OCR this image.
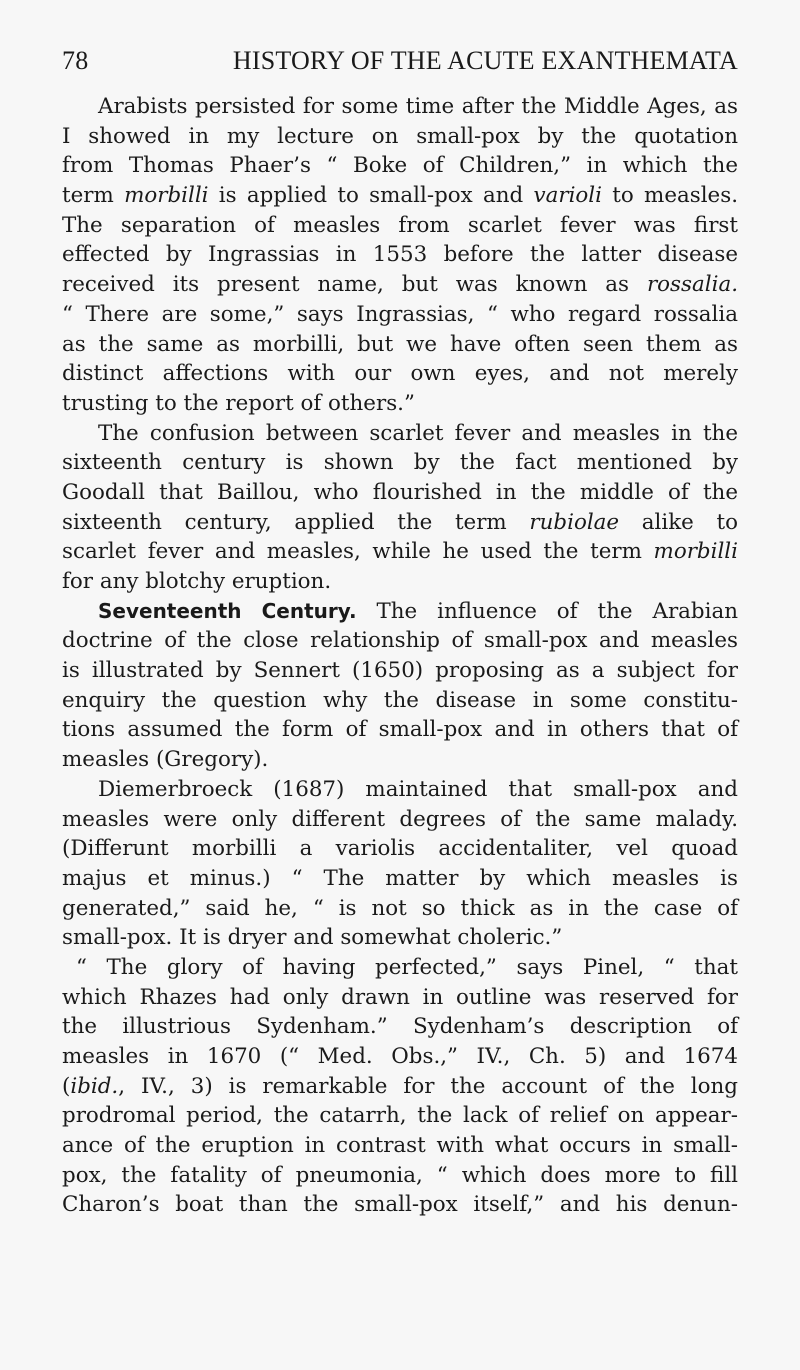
78	HISTORY OF THE ACUTE EXANTHEMATA
Arabists persisted for some time after the Middle Ages, as
I showed in my lecture on small-pox by the quotation
from Thomas Phaer’s “ Boke of Children,” in which the
term morbilli is applied to small-pox and varioli to measles.
The separation of measles from scarlet fever was first
effected by Ingrassias in 1553 before the latter disease
received its present name, but was known as rossalia.
“ There are some,” says Ingrassias, “ who regard rossalia
as the same as morbilli, but we have often seen them as
distinct affections with our own eyes, and not merely
trusting to the report of others.”
The confusion between scarlet fever and measles in the
sixteenth century is shown by the fact mentioned by
Goodall that Baillou, who flourished in the middle of the
sixteenth century, applied the term rubiolae alike to
scarlet fever and measles, while he used the term morbilli
for any blotchy eruption.
Seventeenth Century. The influence of the Arabian
doctrine of the close relationship of small-pox and measles
is illustrated by Sennert (1650) proposing as a subject for
enquiry the question why the disease in some constitu-
tions assumed the form of small-pox and in others that of
measles (Gregory).
Diemerbroeck (1687) maintained that small-pox and
measles were only different degrees of the same malady.
(Differunt morbilli a variolis accidentaliter, vel quoad
majus et minus.) “ The matter by which measles is
generated,” said he, “ is not so thick as in the case of
small-pox. It is dryer and somewhat choleric.”
“ The glory of having perfected,” says Pinel, “ that
which Rhazes had only drawn in outline was reserved for
the illustrious Sydenham.” Sydenham’s description of
measles in 1670 (“ Med. Obs.,” IV., Ch. 5) and 1674
(ibid., IV., 3) is remarkable for the account of the long
prodromal period, the catarrh, the lack of relief on appear-
ance of the eruption in contrast with what occurs in small-
pox, the fatality of pneumonia, “ which does more to fill
Charon’s boat than the small-pox itself,” and his denun-
